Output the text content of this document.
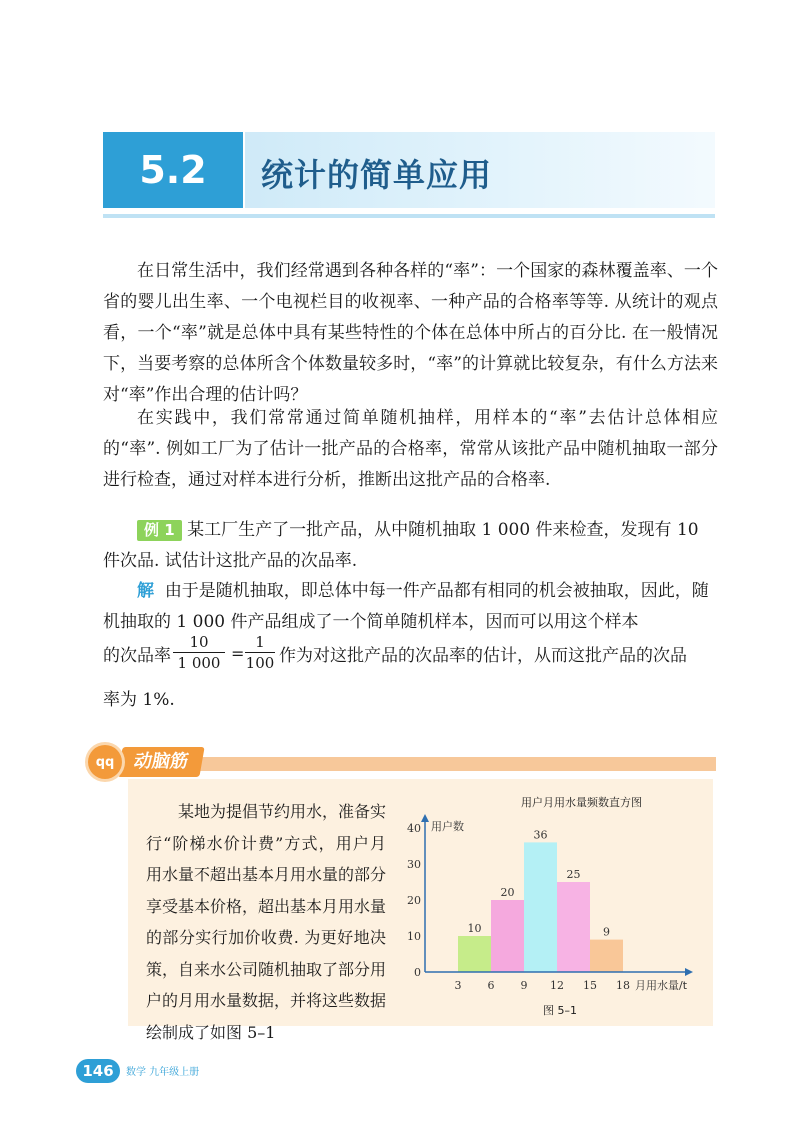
5.2	统计的简单应用

在日常生活中，我们经常遇到各种各样的“率”：一个国家的森林覆盖率、一个省的婴儿出生率、一个电视栏目的收视率、一种产品的合格率等等. 从统计的观点看，一个“率”就是总体中具有某些特性的个体在总体中所占的百分比. 在一般情况下，当要考察的总体所含个体数量较多时，“率”的计算就比较复杂，有什么方法来对“率”作出合理的估计吗？

在实践中，我们常常通过简单随机抽样，用样本的“率”去估计总体相应的“率”. 例如工厂为了估计一批产品的合格率，常常从该批产品中随机抽取一部分进行检查，通过对样本进行分析，推断出这批产品的合格率.

例 1 某工厂生产了一批产品，从中随机抽取 1 000 件来检查，发现有 10 件次品. 试估计这批产品的次品率.

解 由于是随机抽取，即总体中每一件产品都有相同的机会被抽取，因此，随机抽取的 1 000 件产品组成了一个简单随机样本，因而可以用这个样本

的次品率 $\frac{10}{1 000} = \frac{1}{100}$ 作为对这批产品的次品率的估计，从而这批产品的次品
率为 1%.
动脑筋
qq

某地为提倡节约用水，准备实行“阶梯水价计费”方式，用户月用水量不超出基本月用水量的部分享受基本价格，超出基本月用水量的部分实行加价收费. 为更好地决策，自来水公司随机抽取了部分用户的月用水量数据，并将这些数据绘制成了如图 5–1

用户月用水量频数直方图
用户数
10
20
36
25
9
0
10
20
30
40
3 6 9 12 15 18 月用水量/t
图 5–1
146	数学 九年级上册
